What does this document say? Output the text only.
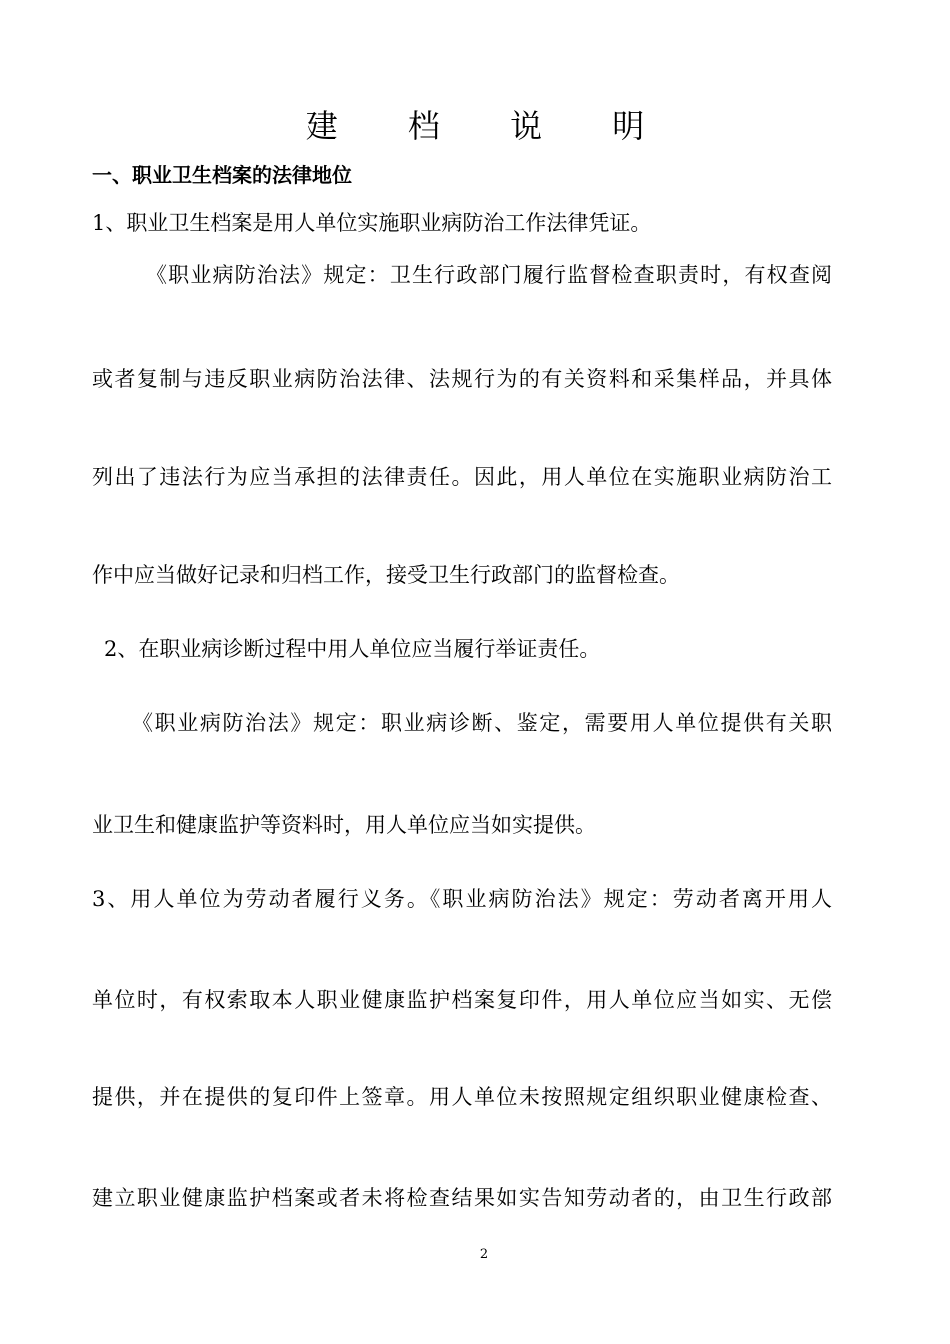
建 档 说 明
一、职业卫生档案的法律地位
1、职业卫生档案是用人单位实施职业病防治工作法律凭证。
《职业病防治法》规定：卫生行政部门履行监督检查职责时，有权查阅
或者复制与违反职业病防治法律、法规行为的有关资料和采集样品，并具体
列出了违法行为应当承担的法律责任。因此，用人单位在实施职业病防治工
作中应当做好记录和归档工作，接受卫生行政部门的监督检查。
2、在职业病诊断过程中用人单位应当履行举证责任。
《职业病防治法》规定：职业病诊断、鉴定，需要用人单位提供有关职
业卫生和健康监护等资料时，用人单位应当如实提供。
3、用人单位为劳动者履行义务。《职业病防治法》规定：劳动者离开用人
单位时，有权索取本人职业健康监护档案复印件，用人单位应当如实、无偿
提供，并在提供的复印件上签章。用人单位未按照规定组织职业健康检查、
建立职业健康监护档案或者未将检查结果如实告知劳动者的，由卫生行政部
2
